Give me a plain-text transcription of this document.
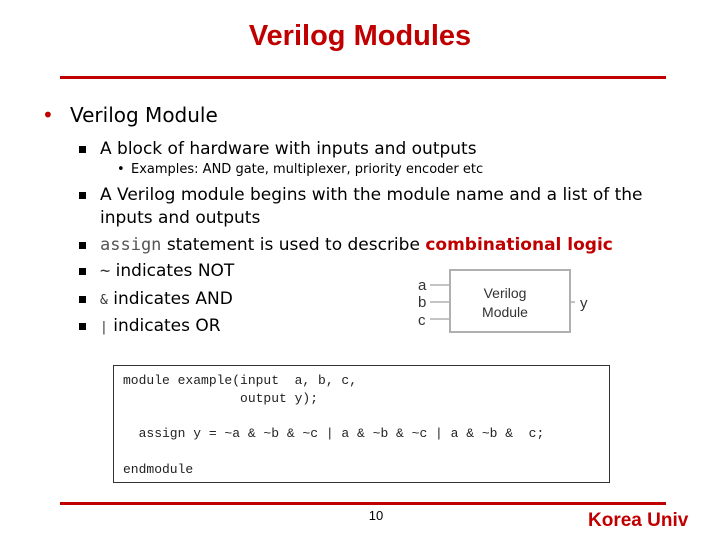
Verilog Modules
• Verilog Module
A block of hardware with inputs and outputs
• Examples: AND gate, multiplexer, priority encoder etc
A Verilog module begins with the module name and a list of the
inputs and outputs
assign statement is used to describe combinational logic
~ indicates NOT
& indicates AND
| indicates OR
a
b
c
Verilog
Module	y
module example(input  a, b, c,
output y);
assign y = ~a & ~b & ~c | a & ~b & ~c | a & ~b &  c;
endmodule
10	Korea Univ
